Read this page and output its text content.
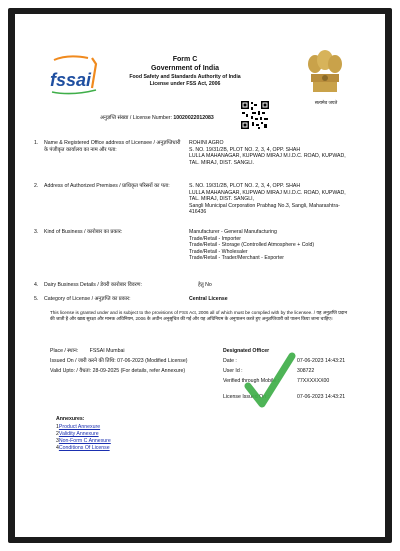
fssai
Form C
Government of India
Food Safety and Standards Authority of India
License under FSS Act, 2006
सत्यमेव जयते
अनुज्ञप्ति संख्या / License Number: 10020022012083
1. Name & Registered Office address of Licensee / अनुज्ञप्तिधारी के पंजीकृत कार्यालय का नाम और पता:
ROHINI AGRO
S. NO. 19/31/2B, PLOT NO. 2, 3, 4, OPP. SHAH
LULLA MAHANAGAR, KUPWAD MIRAJ M.I.D.C. ROAD, KUPWAD, TAL. MIRAJ, DIST. SANGLI.
2. Address of Authorized Premises / प्राधिकृत परिसरों का पता:	S. NO. 19/31/2B, PLOT NO. 2, 3, 4, OPP. SHAH
LULLA MAHANAGAR, KUPWAD MIRAJ M.I.D.C. ROAD, KUPWAD, TAL. MIRAJ, DIST. SANGLI,
Sangli Municipal Corporation Prabhag No.3, Sangli, Maharashtra-416436
3. Kind of Business / कारोबार का प्रकार:	Manufacturer - General Manufacturing
Trade/Retail - Importer
Trade/Retail - Storage (Controlled Atmosphere + Cold)
Trade/Retail - Wholesaler
Trade/Retail - Trader/Merchant - Exporter
4. Dairy Business Details / डेयरी कारोबार विवरण:	हेतु No
5. Category of License / अनुज्ञप्ति का प्रकार:	Central License
This license is granted under and is subject to the provisions of FSS Act, 2006 all of which must be complied with by the licensee. / यह अनुज्ञप्ति प्रदान की जाती है और खाद्य सुरक्षा और मानक अधिनियम, 2006 के अधीन अनुसूचित की गई और यह अधिनियम के अनुपालन करते हुए अनुज्ञप्तिधारी को पालन किया जाना चाहिए।
Place / स्थान: FSSAI Mumbai
Issued On / जारी करने की तिथि: 07-06-2023 (Modified License)
Valid Upto: / वैधता: 28-09-2025 (For details, refer Annexure)
Designated Officer
Date :	07-06-2023 14:43:21
User Id :	308722
Verified through Mobile :	77XXXXXX00
License Issued On :	07-06-2023 14:43:21
Annexures:
1Product Annexure
2Validity Annexure
3Non-Form C Annexure
4Conditions Of License
